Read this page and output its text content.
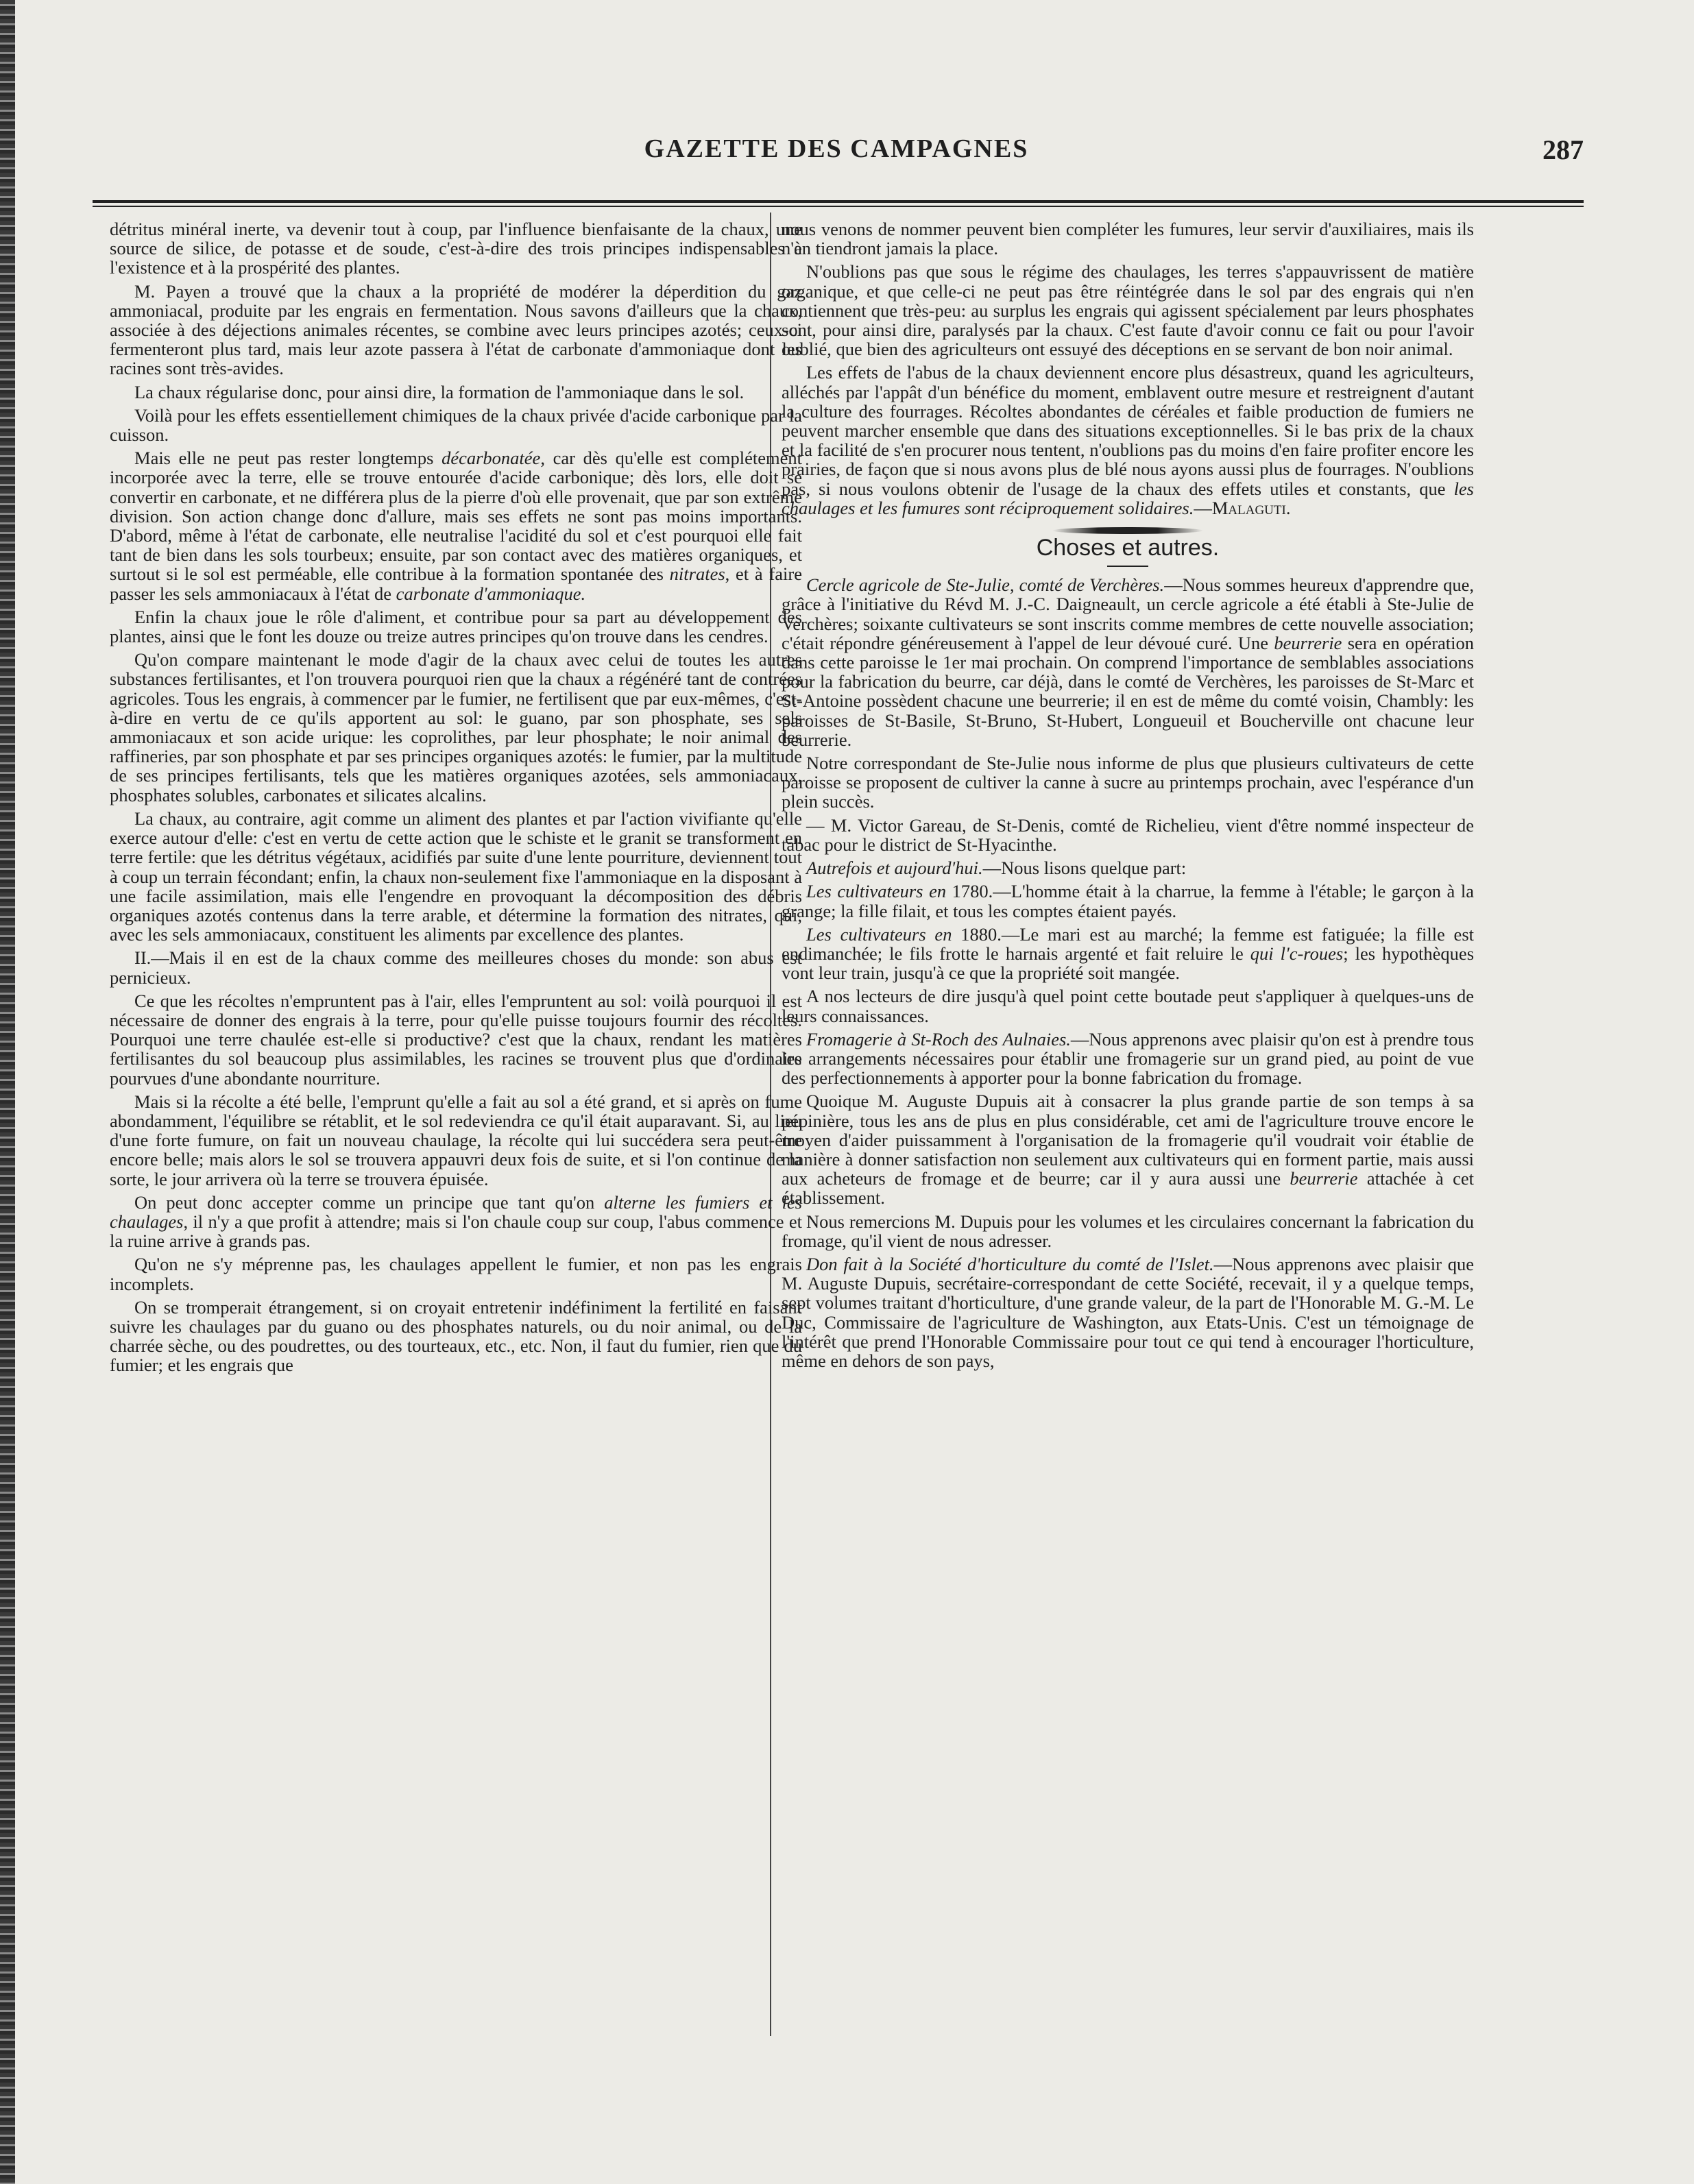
GAZETTE DES CAMPAGNES	287

détritus minéral inerte, va devenir tout à coup, par l'influence bienfaisante de la chaux, une source de silice, de potasse et de soude, c'est-à-dire des trois principes indispensables à l'existence et à la prospérité des plantes.

M. Payen a trouvé que la chaux a la propriété de modérer la déperdition du gaz ammoniacal, produite par les engrais en fermentation. Nous savons d'ailleurs que la chaux, associée à des déjections animales récentes, se combine avec leurs principes azotés; ceux-ci fermenteront plus tard, mais leur azote passera à l'état de carbonate d'ammoniaque dont les racines sont très-avides.

La chaux régularise donc, pour ainsi dire, la formation de l'ammoniaque dans le sol.

Voilà pour les effets essentiellement chimiques de la chaux privée d'acide carbonique par la cuisson.

Mais elle ne peut pas rester longtemps décarbonatée, car dès qu'elle est complétement incorporée avec la terre, elle se trouve entourée d'acide carbonique; dès lors, elle doit se convertir en carbonate, et ne différera plus de la pierre d'où elle provenait, que par son extrême division. Son action change donc d'allure, mais ses effets ne sont pas moins importants. D'abord, même à l'état de carbonate, elle neutralise l'acidité du sol et c'est pourquoi elle fait tant de bien dans les sols tourbeux; ensuite, par son contact avec des matières organiques, et surtout si le sol est perméable, elle contribue à la formation spontanée des nitrates, et à faire passer les sels ammoniacaux à l'état de carbonate d'ammoniaque.

Enfin la chaux joue le rôle d'aliment, et contribue pour sa part au développement des plantes, ainsi que le font les douze ou treize autres principes qu'on trouve dans les cendres.

Qu'on compare maintenant le mode d'agir de la chaux avec celui de toutes les autres substances fertilisantes, et l'on trouvera pourquoi rien que la chaux a régénéré tant de contrées agricoles. Tous les engrais, à commencer par le fumier, ne fertilisent que par eux-mêmes, c'est-à-dire en vertu de ce qu'ils apportent au sol: le guano, par son phosphate, ses sels ammoniacaux et son acide urique: les coprolithes, par leur phosphate; le noir animal des raffineries, par son phosphate et par ses principes organiques azotés: le fumier, par la multitude de ses principes fertilisants, tels que les matières organiques azotées, sels ammoniacaux, phosphates solubles, carbonates et silicates alcalins.

La chaux, au contraire, agit comme un aliment des plantes et par l'action vivifiante qu'elle exerce autour d'elle: c'est en vertu de cette action que le schiste et le granit se transforment en terre fertile: que les détritus végétaux, acidifiés par suite d'une lente pourriture, deviennent tout à coup un terrain fécondant; enfin, la chaux non-seulement fixe l'ammoniaque en la disposant à une facile assimilation, mais elle l'engendre en provoquant la décomposition des débris organiques azotés contenus dans la terre arable, et détermine la formation des nitrates, qui, avec les sels ammoniacaux, constituent les aliments par excellence des plantes.

II.—Mais il en est de la chaux comme des meilleures choses du monde: son abus est pernicieux.

Ce que les récoltes n'empruntent pas à l'air, elles l'empruntent au sol: voilà pourquoi il est nécessaire de donner des engrais à la terre, pour qu'elle puisse toujours fournir des récoltes. Pourquoi une terre chaulée est-elle si productive? c'est que la chaux, rendant les matières fertilisantes du sol beaucoup plus assimilables, les racines se trouvent plus que d'ordinaire pourvues d'une abondante nourriture.

Mais si la récolte a été belle, l'emprunt qu'elle a fait au sol a été grand, et si après on fume abondamment, l'équilibre se rétablit, et le sol redeviendra ce qu'il était auparavant. Si, au lieu d'une forte fumure, on fait un nouveau chaulage, la récolte qui lui succédera sera peut-être encore belle; mais alors le sol se trouvera appauvri deux fois de suite, et si l'on continue de la sorte, le jour arrivera où la terre se trouvera épuisée.

On peut donc accepter comme un principe que tant qu'on alterne les fumiers et les chaulages, il n'y a que profit à attendre; mais si l'on chaule coup sur coup, l'abus commence et la ruine arrive à grands pas.

Qu'on ne s'y méprenne pas, les chaulages appellent le fumier, et non pas les engrais incomplets.

On se tromperait étrangement, si on croyait entretenir indéfiniment la fertilité en faisant suivre les chaulages par du guano ou des phosphates naturels, ou du noir animal, ou de la charrée sèche, ou des poudrettes, ou des tourteaux, etc., etc. Non, il faut du fumier, rien que du fumier; et les engrais que

nous venons de nommer peuvent bien compléter les fumures, leur servir d'auxiliaires, mais ils n'en tiendront jamais la place.

N'oublions pas que sous le régime des chaulages, les terres s'appauvrissent de matière organique, et que celle-ci ne peut pas être réintégrée dans le sol par des engrais qui n'en contiennent que très-peu: au surplus les engrais qui agissent spécialement par leurs phosphates sont, pour ainsi dire, paralysés par la chaux. C'est faute d'avoir connu ce fait ou pour l'avoir oublié, que bien des agriculteurs ont essuyé des déceptions en se servant de bon noir animal.

Les effets de l'abus de la chaux deviennent encore plus désastreux, quand les agriculteurs, alléchés par l'appât d'un bénéfice du moment, emblavent outre mesure et restreignent d'autant la culture des fourrages. Récoltes abondantes de céréales et faible production de fumiers ne peuvent marcher ensemble que dans des situations exceptionnelles. Si le bas prix de la chaux et la facilité de s'en procurer nous tentent, n'oublions pas du moins d'en faire profiter encore les prairies, de façon que si nous avons plus de blé nous ayons aussi plus de fourrages. N'oublions pas, si nous voulons obtenir de l'usage de la chaux des effets utiles et constants, que les chaulages et les fumures sont réciproquement solidaires.—Malaguti.

Choses et autres.

Cercle agricole de Ste-Julie, comté de Verchères.—Nous sommes heureux d'apprendre que, grâce à l'initiative du Révd M. J.-C. Daigneault, un cercle agricole a été établi à Ste-Julie de Verchères; soixante cultivateurs se sont inscrits comme membres de cette nouvelle association; c'était répondre généreusement à l'appel de leur dévoué curé. Une beurrerie sera en opération dans cette paroisse le 1er mai prochain. On comprend l'importance de semblables associations pour la fabrication du beurre, car déjà, dans le comté de Verchères, les paroisses de St-Marc et St-Antoine possèdent chacune une beurrerie; il en est de même du comté voisin, Chambly: les paroisses de St-Basile, St-Bruno, St-Hubert, Longueuil et Boucherville ont chacune leur beurrerie.

Notre correspondant de Ste-Julie nous informe de plus que plusieurs cultivateurs de cette paroisse se proposent de cultiver la canne à sucre au printemps prochain, avec l'espérance d'un plein succès.

— M. Victor Gareau, de St-Denis, comté de Richelieu, vient d'être nommé inspecteur de tabac pour le district de St-Hyacinthe.

Autrefois et aujourd'hui.—Nous lisons quelque part:

Les cultivateurs en 1780.—L'homme était à la charrue, la femme à l'étable; le garçon à la grange; la fille filait, et tous les comptes étaient payés.

Les cultivateurs en 1880.—Le mari est au marché; la femme est fatiguée; la fille est endimanchée; le fils frotte le harnais argenté et fait reluire le qui l'c-roues; les hypothèques vont leur train, jusqu'à ce que la propriété soit mangée.

A nos lecteurs de dire jusqu'à quel point cette boutade peut s'appliquer à quelques-uns de leurs connaissances.

Fromagerie à St-Roch des Aulnaies.—Nous apprenons avec plaisir qu'on est à prendre tous les arrangements nécessaires pour établir une fromagerie sur un grand pied, au point de vue des perfectionnements à apporter pour la bonne fabrication du fromage.

Quoique M. Auguste Dupuis ait à consacrer la plus grande partie de son temps à sa pépinière, tous les ans de plus en plus considérable, cet ami de l'agriculture trouve encore le moyen d'aider puissamment à l'organisation de la fromagerie qu'il voudrait voir établie de manière à donner satisfaction non seulement aux cultivateurs qui en forment partie, mais aussi aux acheteurs de fromage et de beurre; car il y aura aussi une beurrerie attachée à cet établissement.

Nous remercions M. Dupuis pour les volumes et les circulaires concernant la fabrication du fromage, qu'il vient de nous adresser.

Don fait à la Société d'horticulture du comté de l'Islet.—Nous apprenons avec plaisir que M. Auguste Dupuis, secrétaire-correspondant de cette Société, recevait, il y a quelque temps, sept volumes traitant d'horticulture, d'une grande valeur, de la part de l'Honorable M. G.-M. Le Duc, Commissaire de l'agriculture de Washington, aux Etats-Unis. C'est un témoignage de l'intérêt que prend l'Honorable Commissaire pour tout ce qui tend à encourager l'horticulture, même en dehors de son pays,
